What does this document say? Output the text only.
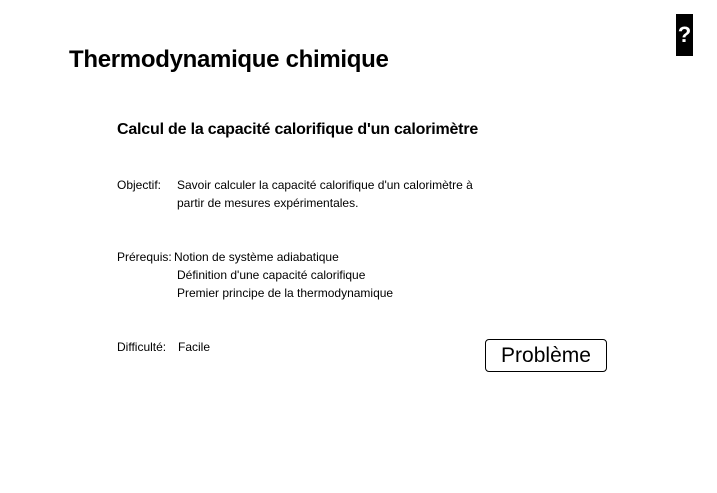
?
Thermodynamique chimique
Calcul de la capacité calorifique d'un calorimètre
Objectif: Savoir calculer la capacité calorifique d'un calorimètre à
partir de mesures expérimentales.
Prérequis: Notion de système adiabatique
Définition d'une capacité calorifique
Premier principe de la thermodynamique
Difficulté: Facile	Problème
